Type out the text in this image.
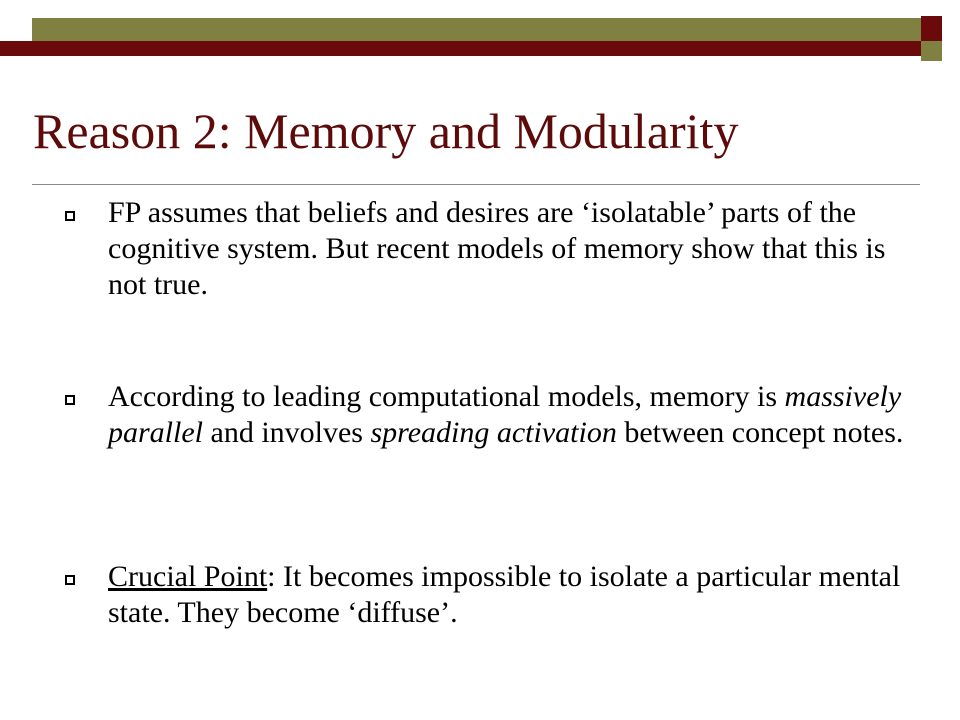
Reason 2: Memory and Modularity
FP assumes that beliefs and desires are ‘isolatable’ parts of the cognitive system. But recent models of memory show that this is not true.
According to leading computational models, memory is massively parallel and involves spreading activation between concept notes.
Crucial Point: It becomes impossible to isolate a particular mental state. They become ‘diffuse’.
